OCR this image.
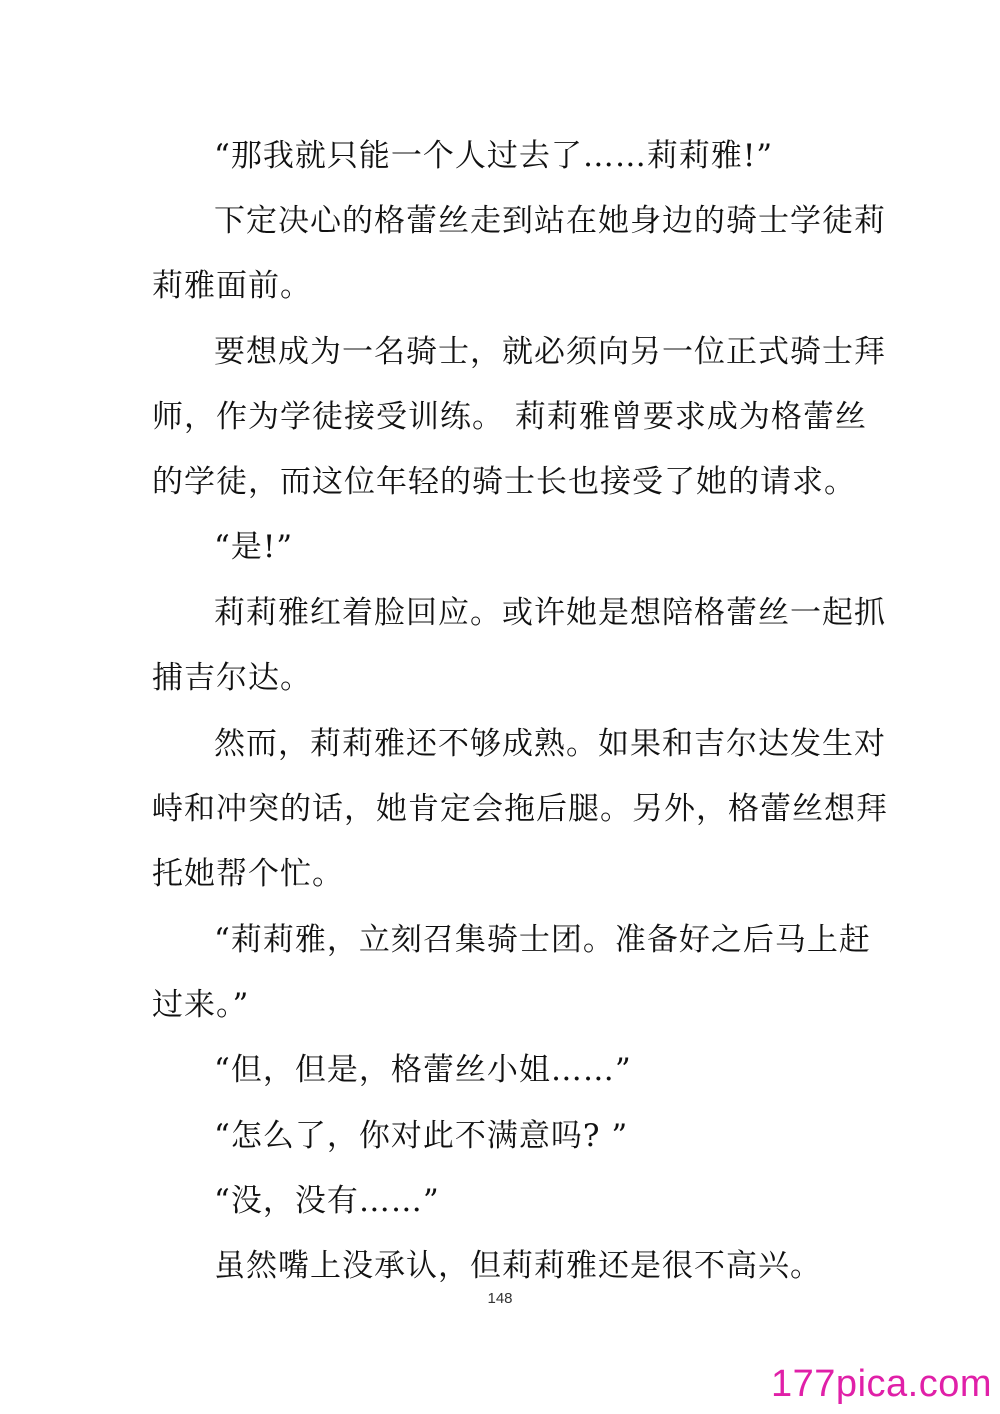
“那我就只能一个人过去了……莉莉雅!”
下定决心的格蕾丝走到站在她身边的骑士学徒莉
莉雅面前。
要想成为一名骑士，就必须向另一位正式骑士拜
师，作为学徒接受训练。 莉莉雅曾要求成为格蕾丝
的学徒，而这位年轻的骑士长也接受了她的请求。
“是!”
莉莉雅红着脸回应。或许她是想陪格蕾丝一起抓
捕吉尔达。
然而，莉莉雅还不够成熟。如果和吉尔达发生对
峙和冲突的话，她肯定会拖后腿。另外，格蕾丝想拜
托她帮个忙。
“莉莉雅，立刻召集骑士团。准备好之后马上赶
过来。”
“但，但是，格蕾丝小姐……”
“怎么了，你对此不满意吗? ”
“没，没有……”
虽然嘴上没承认，但莉莉雅还是很不高兴。
148
177pica.com
